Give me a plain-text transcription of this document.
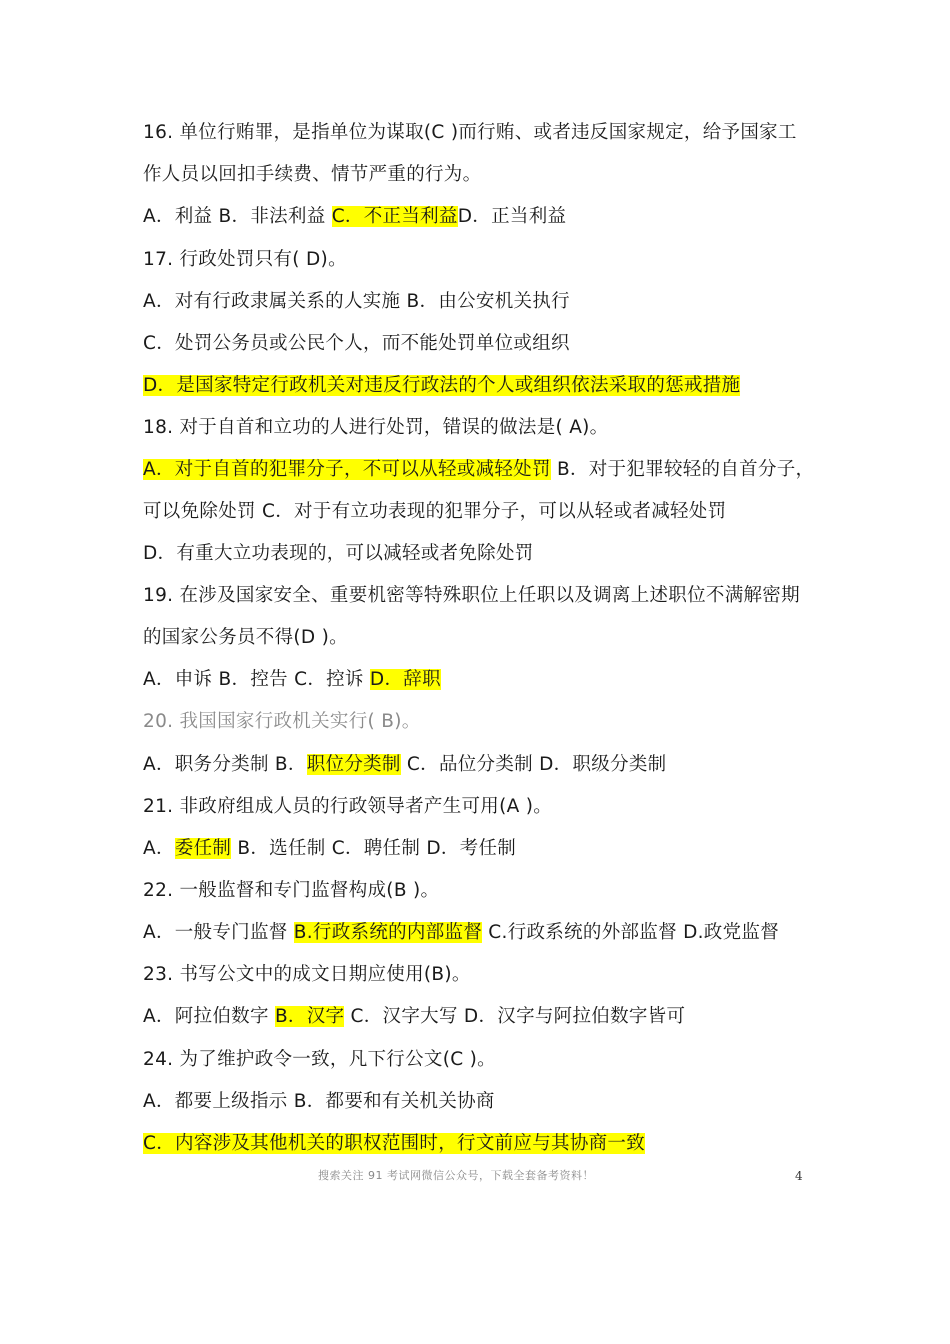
16. 单位行贿罪，是指单位为谋取(C )而行贿、或者违反国家规定，给予国家工
作人员以回扣手续费、情节严重的行为。
A．利益 B．非法利益 C．不正当利益D．正当利益
17. 行政处罚只有( D)。
A．对有行政隶属关系的人实施 B．由公安机关执行
C．处罚公务员或公民个人，而不能处罚单位或组织
D．是国家特定行政机关对违反行政法的个人或组织依法采取的惩戒措施
18. 对于自首和立功的人进行处罚，错误的做法是( A)。
A．对于自首的犯罪分子，不可以从轻或减轻处罚 B．对于犯罪较轻的自首分子，
可以免除处罚 C．对于有立功表现的犯罪分子，可以从轻或者减轻处罚
D．有重大立功表现的，可以减轻或者免除处罚
19. 在涉及国家安全、重要机密等特殊职位上任职以及调离上述职位不满解密期
的国家公务员不得(D )。
A．申诉 B．控告 C．控诉 D．辞职
20. 我国国家行政机关实行( B)。
A．职务分类制 B．职位分类制 C．品位分类制 D．职级分类制
21. 非政府组成人员的行政领导者产生可用(A )。
A．委任制 B．选任制 C．聘任制 D．考任制
22. 一般监督和专门监督构成(B )。
A．一般专门监督 B.行政系统的内部监督 C.行政系统的外部监督 D.政党监督
23. 书写公文中的成文日期应使用(B)。
A．阿拉伯数字 B．汉字 C．汉字大写 D．汉字与阿拉伯数字皆可
24. 为了维护政令一致，凡下行公文(C )。
A．都要上级指示 B．都要和有关机关协商
C．内容涉及其他机关的职权范围时，行文前应与其协商一致
搜索关注 91 考试网微信公众号，下载全套备考资料！	4
